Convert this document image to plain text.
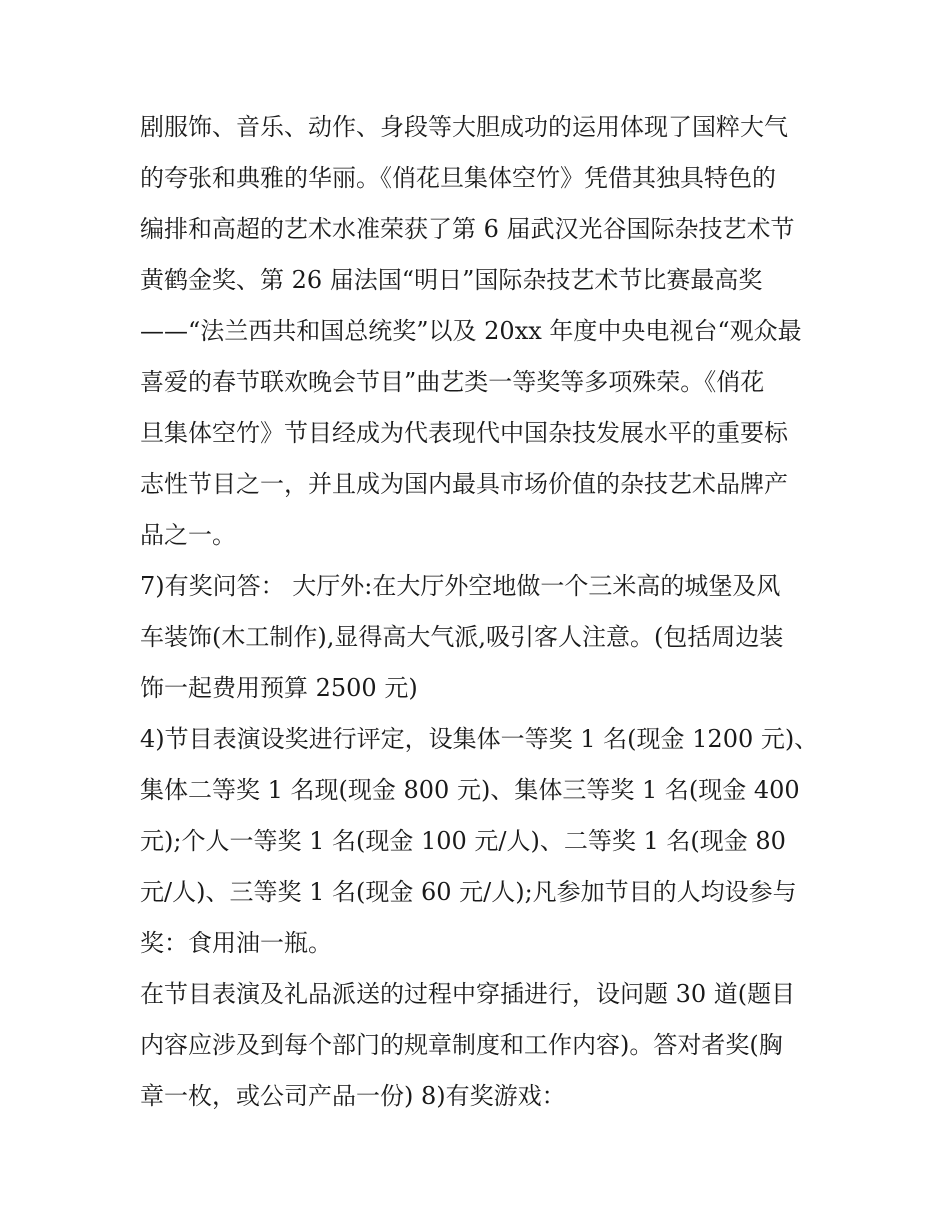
剧服饰、音乐、动作、身段等大胆成功的运用体现了国粹大气
的夸张和典雅的华丽。《俏花旦集体空竹》凭借其独具特色的
编排和高超的艺术水准荣获了第 6 届武汉光谷国际杂技艺术节
黄鹤金奖、第 26 届法国“明日”国际杂技艺术节比赛最高奖
——“法兰西共和国总统奖”以及 20xx 年度中央电视台“观众最
喜爱的春节联欢晚会节目”曲艺类一等奖等多项殊荣。《俏花
旦集体空竹》节目经成为代表现代中国杂技发展水平的重要标
志性节目之一，并且成为国内最具市场价值的杂技艺术品牌产
品之一。
7)有奖问答： 大厅外:在大厅外空地做一个三米高的城堡及风
车装饰(木工制作),显得高大气派,吸引客人注意。(包括周边装
饰一起费用预算 2500 元)
4)节目表演设奖进行评定，设集体一等奖 1 名(现金 1200 元)、
集体二等奖 1 名现(现金 800 元)、集体三等奖 1 名(现金 400
元);个人一等奖 1 名(现金 100 元/人)、二等奖 1 名(现金 80
元/人)、三等奖 1 名(现金 60 元/人);凡参加节目的人均设参与
奖：食用油一瓶。
在节目表演及礼品派送的过程中穿插进行，设问题 30 道(题目
内容应涉及到每个部门的规章制度和工作内容)。答对者奖(胸
章一枚，或公司产品一份) 8)有奖游戏：
